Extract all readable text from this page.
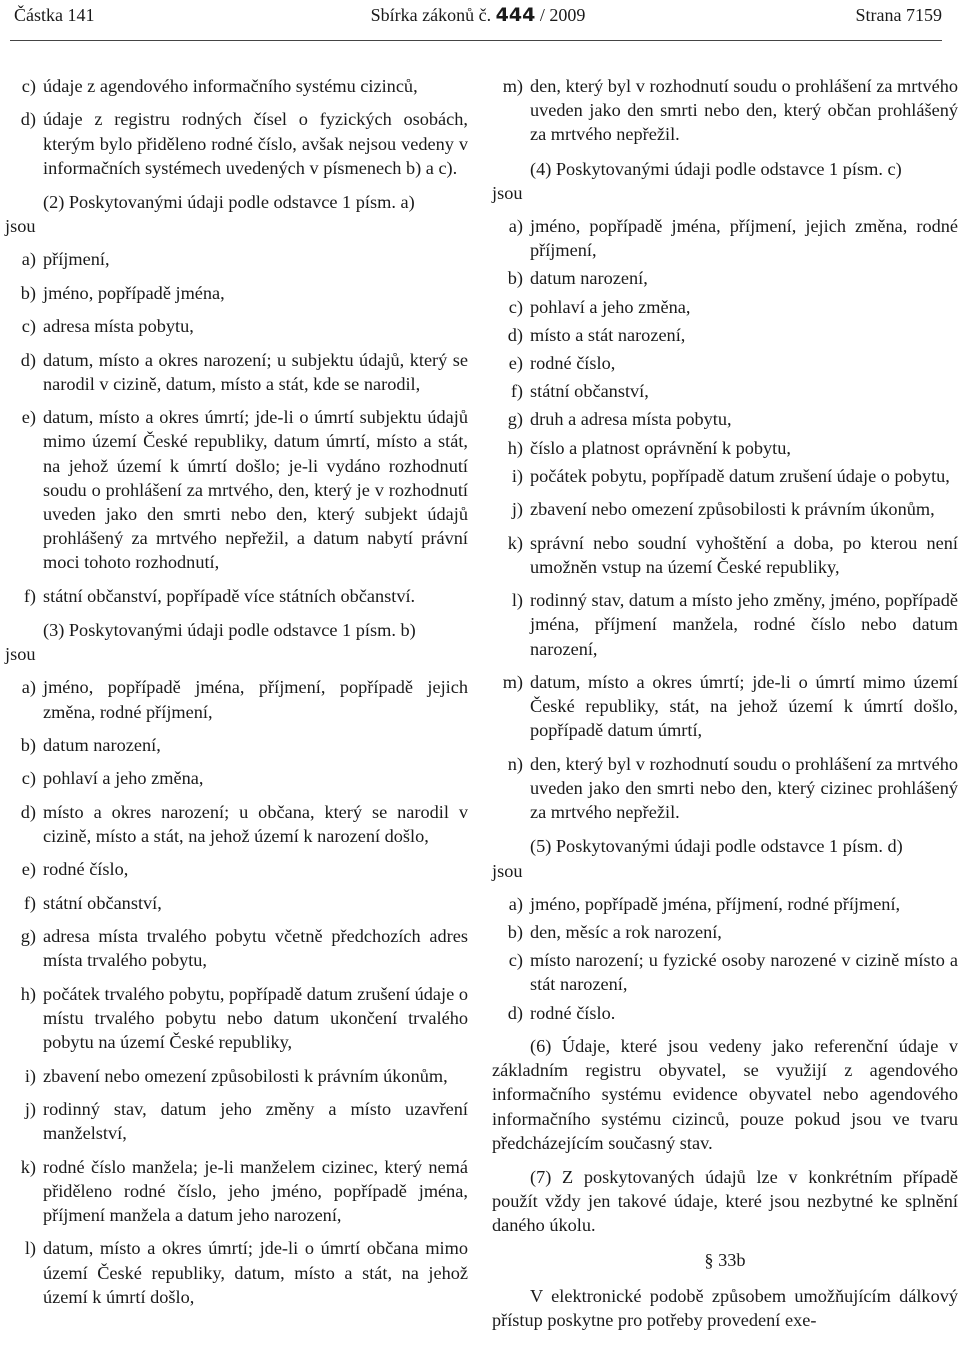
Částka 141	Sbírka zákonů č. 444 / 2009	Strana 7159
c) údaje z agendového informačního systému cizinců,
d) údaje z registru rodných čísel o fyzických osobách, kterým bylo přiděleno rodné číslo, avšak nejsou vedeny v informačních systémech uvedených v písmenech b) a c).

(2) Poskytovanými údaji podle odstavce 1 písm. a)

jsou

a) příjmení,
b) jméno, popřípadě jména,
c) adresa místa pobytu,
d) datum, místo a okres narození; u subjektu údajů, který se narodil v cizině, datum, místo a stát, kde se narodil,
e) datum, místo a okres úmrtí; jde-li o úmrtí subjektu údajů mimo území České republiky, datum úmrtí, místo a stát, na jehož území k úmrtí došlo; je-li vydáno rozhodnutí soudu o prohlášení za mrtvého, den, který je v rozhodnutí uveden jako den smrti nebo den, který subjekt údajů prohlášený za mrtvého nepřežil, a datum nabytí právní moci tohoto rozhodnutí,
f) státní občanství, popřípadě více státních občanství.

(3) Poskytovanými údaji podle odstavce 1 písm. b)

jsou

a) jméno, popřípadě jména, příjmení, popřípadě jejich změna, rodné příjmení,
b) datum narození,
c) pohlaví a jeho změna,
d) místo a okres narození; u občana, který se narodil v cizině, místo a stát, na jehož území k narození došlo,
e) rodné číslo,
f) státní občanství,
g) adresa místa trvalého pobytu včetně předchozích adres místa trvalého pobytu,
h) počátek trvalého pobytu, popřípadě datum zrušení údaje o místu trvalého pobytu nebo datum ukončení trvalého pobytu na území České republiky,
i) zbavení nebo omezení způsobilosti k právním úkonům,
j) rodinný stav, datum jeho změny a místo uzavření manželství,
k) rodné číslo manžela; je-li manželem cizinec, který nemá přiděleno rodné číslo, jeho jméno, popřípadě jména, příjmení manžela a datum jeho narození,
l) datum, místo a okres úmrtí; jde-li o úmrtí občana mimo území České republiky, datum, místo a stát, na jehož území k úmrtí došlo,
m) den, který byl v rozhodnutí soudu o prohlášení za mrtvého uveden jako den smrti nebo den, který občan prohlášený za mrtvého nepřežil.

(4) Poskytovanými údaji podle odstavce 1 písm. c)

jsou

a) jméno, popřípadě jména, příjmení, jejich změna, rodné příjmení,
b) datum narození,
c) pohlaví a jeho změna,
d) místo a stát narození,
e) rodné číslo,
f) státní občanství,
g) druh a adresa místa pobytu,
h) číslo a platnost oprávnění k pobytu,
i) počátek pobytu, popřípadě datum zrušení údaje o pobytu,
j) zbavení nebo omezení způsobilosti k právním úkonům,
k) správní nebo soudní vyhoštění a doba, po kterou není umožněn vstup na území České republiky,
l) rodinný stav, datum a místo jeho změny, jméno, popřípadě jména, příjmení manžela, rodné číslo nebo datum narození,
m) datum, místo a okres úmrtí; jde-li o úmrtí mimo území České republiky, stát, na jehož území k úmrtí došlo, popřípadě datum úmrtí,
n) den, který byl v rozhodnutí soudu o prohlášení za mrtvého uveden jako den smrti nebo den, který cizinec prohlášený za mrtvého nepřežil.

(5) Poskytovanými údaji podle odstavce 1 písm. d)

jsou

a) jméno, popřípadě jména, příjmení, rodné příjmení,
b) den, měsíc a rok narození,
c) místo narození; u fyzické osoby narozené v cizině místo a stát narození,
d) rodné číslo.

(6) Údaje, které jsou vedeny jako referenční údaje v základním registru obyvatel, se využijí z agendového informačního systému evidence obyvatel nebo agendového informačního systému cizinců, pouze pokud jsou ve tvaru předcházejícím současný stav.

(7) Z poskytovaných údajů lze v konkrétním případě použít vždy jen takové údaje, které jsou nezbytné ke splnění daného úkolu.

§ 33b

V elektronické podobě způsobem umožňujícím dálkový přístup poskytne pro potřeby provedení exe-
